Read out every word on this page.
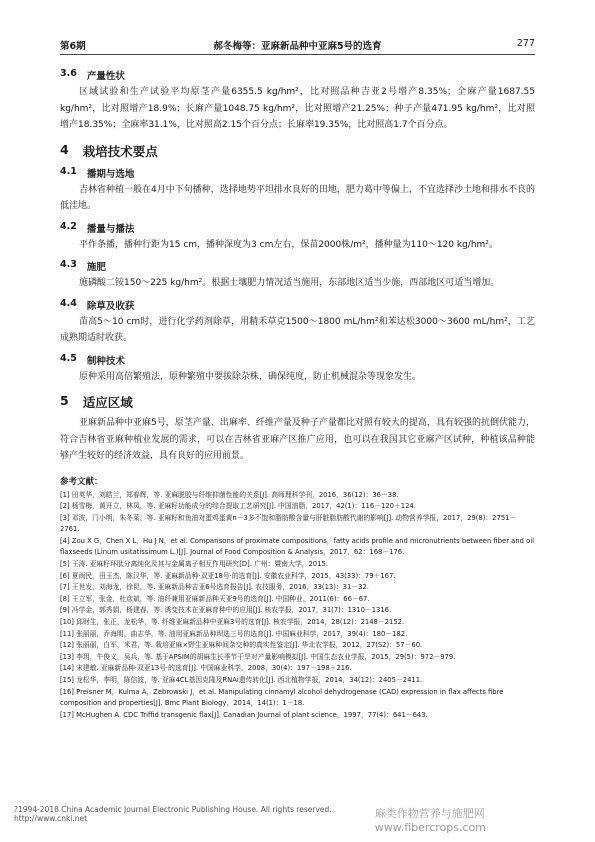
第6期	郝冬梅等：亚麻新品种中亚麻5号的选育	277
3.6 产量性状

区域试验和生产试验平均原茎产量6355.5 kg/hm²，比对照品种吉亚2号增产8.35%；全麻产量1687.55 kg/hm²，比对照增产18.9%；长麻产量1048.75 kg/hm²，比对照增产21.25%；种子产量471.95 kg/hm²，比对照增产18.35%；全麻率31.1%，比对照高2.15个百分点；长麻率19.35%，比对照高1.7个百分点。

4 栽培技术要点
4.1 播期与选地

吉林省种植一般在4月中下旬播种，选择地势平坦排水良好的田地，肥力葛中等偏上，不宜选择沙土地和排水不良的低洼地。

4.2 播量与播法

平作条播，播种行距为15 cm，播种深度为3 cm左右，保苗2000株/m²，播种量为110～120 kg/hm²。

4.3 施肥

施磷酸二铵150～225 kg/hm²。根据土壤肥力情况适当施用，东部地区适当少施，西部地区可适当增加。

4.4 除草及收获

苗高5～10 cm时，进行化学药剂除草，用精禾草克1500～1800 mL/hm²和苯达松3000～3600 mL/hm²，工艺成熟期适时收获。

4.5 制种技术

原种采用高倍繁殖法，原种繁殖中要拔除杂株，确保纯度，防止机械混杂等现象发生。

5 适应区域

亚麻新品种中亚麻5号，原茎产量、出麻率、纤维产量及种子产量都比对照有较大的提高，具有较强的抗倒伏能力，符合吉林省亚麻种植业发展的需求，可以在吉林省亚麻产区推广应用，也可以在我国其它亚麻产区试种，种植该品种能够产生较好的经济效益，具有良好的应用前景。

参考文献：

[1] 田英华，刘皓兰，郑春辉，等. 亚麻脱胶与纤维抑菌性能的关系[J]. 高师理科学刊，2016，36(12)：36－38.

[2] 杨雪梅，黄开立，林凤，等. 亚麻籽功能成分的综合提取工艺研究[J]. 中国油脂，2017，42(1)：116－120＋124.

[3] 邓波，门小明，朱冬菜，等. 亚麻籽和鱼油对蛋鸡蛋黄n－3多不饱和脂肪酸含量与肝脏脂肪酸代谢的影响[J]. 动物营养学报，2017，29(8)：2751－2761.

[4] Zou X G，Chen X L，Hu J N，et al. Comparisons of proximate compositions，fatty acids profile and micronutrients between fiber and oil flaxseeds (Linum usitatissimum L.)[J]. Journal of Food Composition & Analysis，2017，62：168－176.

[5] 王涛. 亚麻籽环肽分离纯化及其与金属离子相互作用研究[D]. 广州：暨南大学，2015.

[6] 夏雨民，田玉杰，陈汉华，等. 亚麻新品种·双亚18号·的选育[J]. 安徽农业科学，2015，43(33)：79＋167.

[7] 王世发，刘海龙，徐昆，等. 亚麻新品种吉亚6号选育报告[J]. 农技服务，2016，33(13)：31－32.

[8] 王立军，张金，杜彦斌，等. 油纤兼用亚麻新品种天亚9号的选育[J]. 中国种业，2011(6)：66－67.

[9] 冯学金，郭秀娟，杨建春，等. 诱变技术在亚麻育种中的应用[J]. 核农学报，2017，31(7)：1310－1316.

[10] 邱财生，张正，龙松华，等. 纤维亚麻新品种中亚麻3号的选育[J]. 核农学报，2014，28(12)：2148－2152.

[11] 张丽丽，乔海明，曲志华，等. 油用亚麻新品种坝选三号的选育[J]. 中国麻业科学，2017，39(4)：180－182.

[12] 张丽丽，白军，米君，等. 栽培亚麻×野生亚麻种间杂交种的真实性鉴定[J]. 华北农学报，2012，27(S2)：57－60.

[13] 李玥，牛俊义，吴兵，等. 基于APSIM的胡麻生长季节干旱对产量影响模拟[J]. 中国生态农业学报，2015，29(5)：972－979.

[14] 宋建敏. 亚麻新品种·双亚13号·的选育[J]. 中国麻业科学，2008，30(4)：197－198＋216.

[15] 龙松华，李明，陈信波，等. 亚麻4CL基因克隆及RNAi遗传转化[J]. 西北植物学报，2014，34(12)：2405－2411.

[16] Preisner M，Kulma A，Zebrowski J，et al. Manipulating cinnamyl alcohol dehydrogenase (CAD) expression in flax affects fibre composition and properties[J]. Bmc Plant Biology，2014，14(1)：1－18.

[17] McHughen A. CDC Triffid transgenic flax[J]. Canadian Journal of plant science，1997，77(4)：641－643.

?1994-2018 China Academic Journal Electronic Publishing House. All rights reserved. http://www.cnki.net	麻类作物营养与施肥网 www.fibercrops.com
